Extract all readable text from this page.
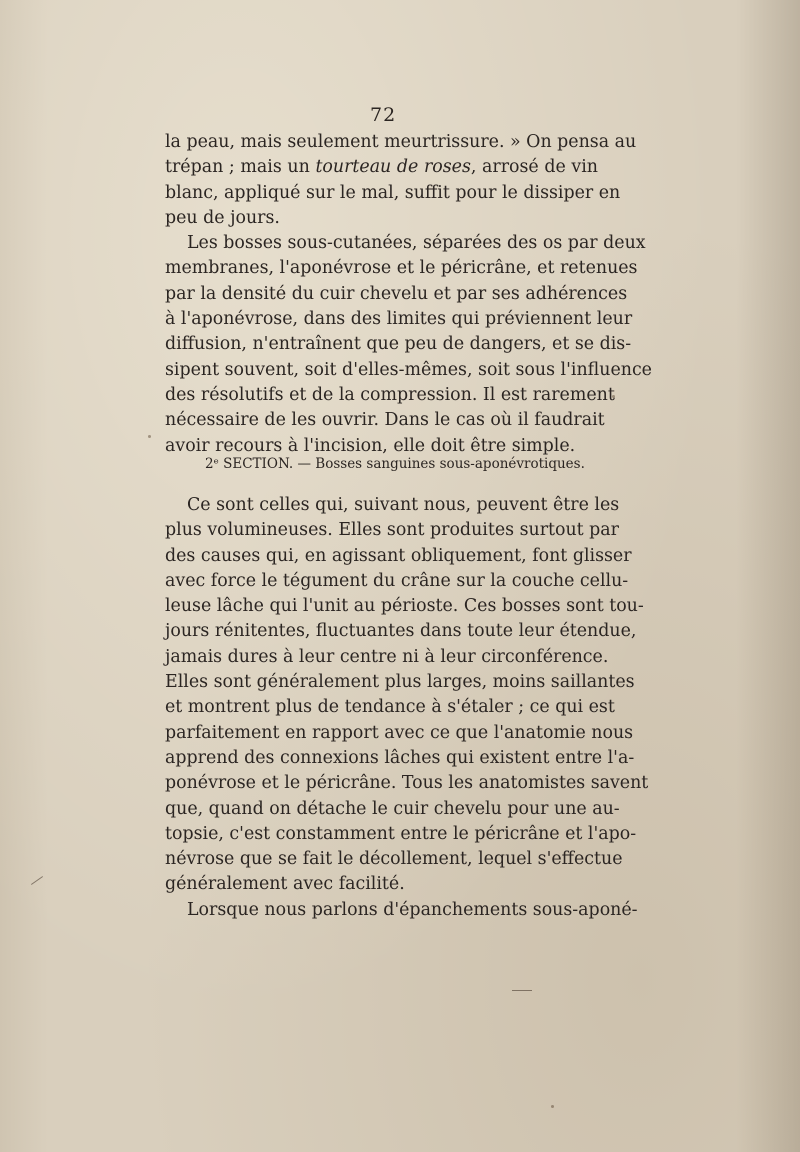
72
la peau, mais seulement meurtrissure. » On pensa au
trépan ; mais un tourteau de roses, arrosé de vin
blanc, appliqué sur le mal, suffit pour le dissiper en
peu de jours.
Les bosses sous-cutanées, séparées des os par deux
membranes, l'aponévrose et le péricrâne, et retenues
par la densité du cuir chevelu et par ses adhérences
à l'aponévrose, dans des limites qui préviennent leur
diffusion, n'entraînent que peu de dangers, et se dis-
sipent souvent, soit d'elles-mêmes, soit sous l'influence
des résolutifs et de la compression. Il est rarement
nécessaire de les ouvrir. Dans le cas où il faudrait
avoir recours à l'incision, elle doit être simple.
2ᵉ SECTION. — Bosses sanguines sous-aponévrotiques.
Ce sont celles qui, suivant nous, peuvent être les
plus volumineuses. Elles sont produites surtout par
des causes qui, en agissant obliquement, font glisser
avec force le tégument du crâne sur la couche cellu-
leuse lâche qui l'unit au périoste. Ces bosses sont tou-
jours rénitentes, fluctuantes dans toute leur étendue,
jamais dures à leur centre ni à leur circonférence.
Elles sont généralement plus larges, moins saillantes
et montrent plus de tendance à s'étaler ; ce qui est
parfaitement en rapport avec ce que l'anatomie nous
apprend des connexions lâches qui existent entre l'a-
ponévrose et le péricrâne. Tous les anatomistes savent
que, quand on détache le cuir chevelu pour une au-
topsie, c'est constamment entre le péricrâne et l'apo-
névrose que se fait le décollement, lequel s'effectue
généralement avec facilité.
Lorsque nous parlons d'épanchements sous-aponé-
